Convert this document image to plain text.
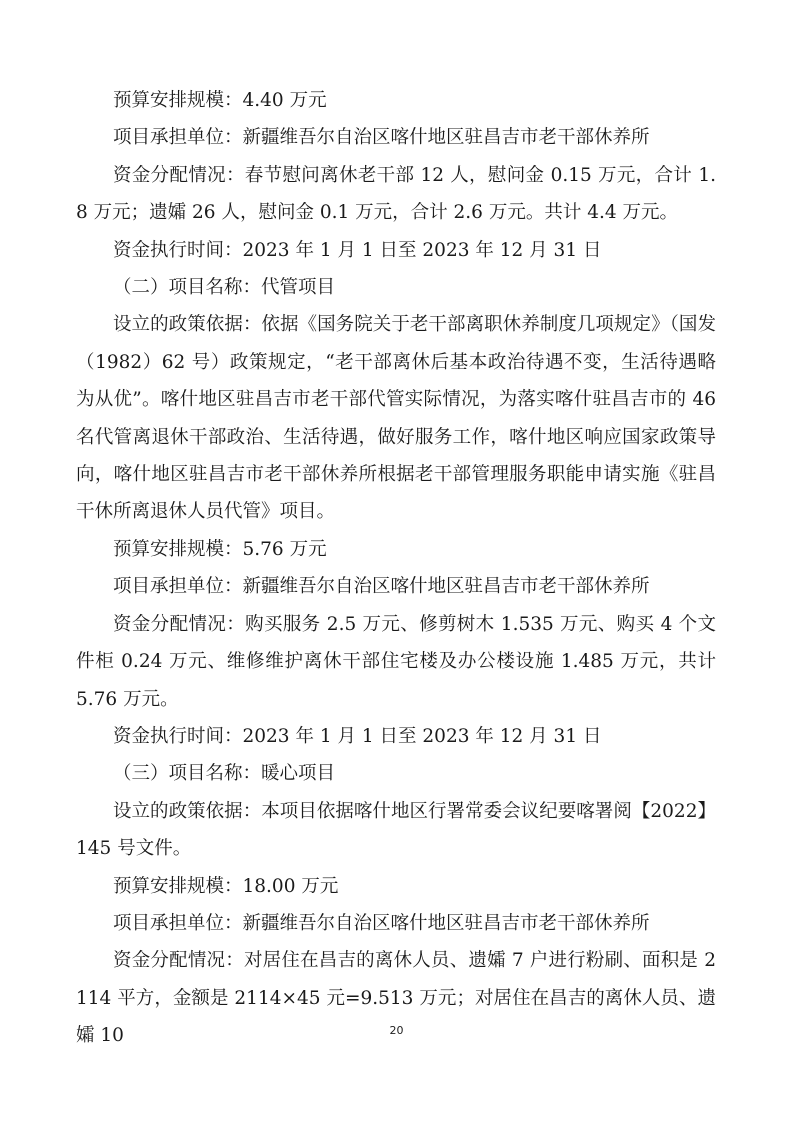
预算安排规模：4.40 万元

项目承担单位：新疆维吾尔自治区喀什地区驻昌吉市老干部休养所

资金分配情况：春节慰问离休老干部 12 人，慰问金 0.15 万元，合计 1.8 万元；遗孀 26 人，慰问金 0.1 万元，合计 2.6 万元。共计 4.4 万元。

资金执行时间：2023 年 1 月 1 日至 2023 年 12 月 31 日

（二）项目名称：代管项目

设立的政策依据：依据《国务院关于老干部离职休养制度几项规定》（国发（1982）62 号）政策规定，“老干部离休后基本政治待遇不变，生活待遇略为从优”。喀什地区驻昌吉市老干部代管实际情况，为落实喀什驻昌吉市的 46 名代管离退休干部政治、生活待遇，做好服务工作，喀什地区响应国家政策导向，喀什地区驻昌吉市老干部休养所根据老干部管理服务职能申请实施《驻昌干休所离退休人员代管》项目。

预算安排规模：5.76 万元

项目承担单位：新疆维吾尔自治区喀什地区驻昌吉市老干部休养所

资金分配情况：购买服务 2.5 万元、修剪树木 1.535 万元、购买 4 个文件柜 0.24 万元、维修维护离休干部住宅楼及办公楼设施 1.485 万元，共计 5.76 万元。

资金执行时间：2023 年 1 月 1 日至 2023 年 12 月 31 日

（三）项目名称：暖心项目

设立的政策依据：本项目依据喀什地区行署常委会议纪要喀署阅【2022】145 号文件。

预算安排规模：18.00 万元

项目承担单位：新疆维吾尔自治区喀什地区驻昌吉市老干部休养所

资金分配情况：对居住在昌吉的离休人员、遗孀 7 户进行粉刷、面积是 2114 平方，金额是 2114×45 元=9.513 万元；对居住在昌吉的离休人员、遗孀 10	20
